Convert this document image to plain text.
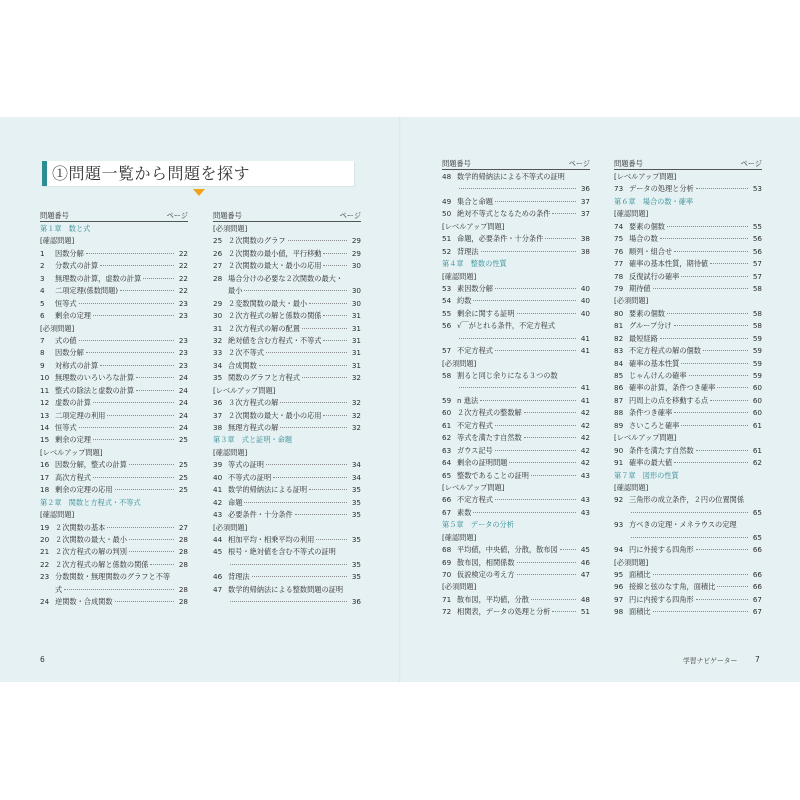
①問題一覧から問題を探す
問題番号	ページ
第１章　数と式
[確認問題]
1	因数分解	22
2	分数式の計算	22
3	無理数の計算，虚数の計算	22
4	二項定理(係数問題)	22
5	恒等式	23
6	剰余の定理	23
[必須問題]
7	式の値	23
8	因数分解	23
9	対称式の計算	23
10 無理数のいろいろな計算	24
11 整式の除法と虚数の計算	24
12 虚数の計算	24
13 二項定理の利用	24
14 恒等式	24
15 剰余の定理	25
[レベルアップ問題]
16 因数分解，整式の計算	25
17 高次方程式	25
18 剰余の定理の応用	25
第２章　関数と方程式・不等式
[確認問題]
19 ２次関数の基本	27
20 ２次関数の最大・最小	28
21 ２次方程式の解の判別	28
22 ２次方程式の解と係数の関係	28
23 分数関数・無理関数のグラフと不等
式	28
24 逆関数・合成関数	28
問題番号	ページ
[必須問題]
25 ２次関数のグラフ	29
26 ２次関数の最小値，平行移動	29
27 ２次関数の最大・最小の応用	30
28 場合分けの必要な２次関数の最大・
最小	30
29 ２変数関数の最大・最小	30
30 ２次方程式の解と係数の関係	31
31 ２次方程式の解の配置	31
32 絶対値を含む方程式・不等式	31
33 ２次不等式	31
34 合成関数	31
35 関数のグラフと方程式	32
[レベルアップ問題]
36 ３次方程式の解	32
37 ２次関数の最大・最小の応用	32
38 無理方程式の解	32
第３章　式と証明・命題
[確認問題]
39 等式の証明	34
40 不等式の証明	34
41 数学的帰納法による証明	35
42 命題	35
43 必要条件・十分条件	35
[必須問題]
44 相加平均・相乗平均の利用	35
45 根号・絶対値を含む不等式の証明
35
46 背理法	35
47 数学的帰納法による整数問題の証明
36
問題番号	ページ
48 数学的帰納法による不等式の証明
36
49 集合と命題	37
50 絶対不等式となるための条件	37
[レベルアップ問題]
51 命題，必要条件・十分条件	38
52 背理法	38
第４章　整数の性質
[確認問題]
53 素因数分解	40
54 約数	40
55 剰余に関する証明	40
56 √￣がとれる条件，不定方程式
41
57 不定方程式	41
[必須問題]
58 割ると同じ余りになる３つの数
41
59 n 進法	41
60 ２次方程式の整数解	42
61 不定方程式	42
62 等式を満たす自然数	42
63 ガウス記号	42
64 剰余の証明問題	42
65 整数であることの証明	43
[レベルアップ問題]
66 不定方程式	43
67 素数	43
第５章　データの分析
[確認問題]
68 平均値，中央値，分散，散布図	45
69 散布図，相関係数	46
70 仮説検定の考え方	47
[必須問題]
71 散布図，平均値，分散	48
72 相関表，データの処理と分析	51
問題番号	ページ
[レベルアップ問題]
73 データの処理と分析	53
第６章　場合の数・確率
[確認問題]
74 要素の個数	55
75 場合の数	56
76 順列・組合せ	56
77 確率の基本性質，期待値	57
78 反復試行の確率	57
79 期待値	58
[必須問題]
80 要素の個数	58
81 グループ分け	58
82 最短経路	59
83 不定方程式の解の個数	59
84 確率の基本性質	59
85 じゃんけんの確率	59
86 確率の計算，条件つき確率	60
87 円周上の点を移動する点	60
88 条件つき確率	60
89 さいころと確率	61
[レベルアップ問題]
90 条件を満たす自然数	61
91 確率の最大値	62
第７章　図形の性質
[確認問題]
92 三角形の成立条件，２円の位置関係
65
93 方べきの定理・メネラウスの定理
65
94 円に外接する四角形	66
[必須問題]
95 面積比	66
96 接線と弦のなす角，面積比	66
97 円に内接する四角形	67
98 面積比	67
6	学習ナビゲーター 7
